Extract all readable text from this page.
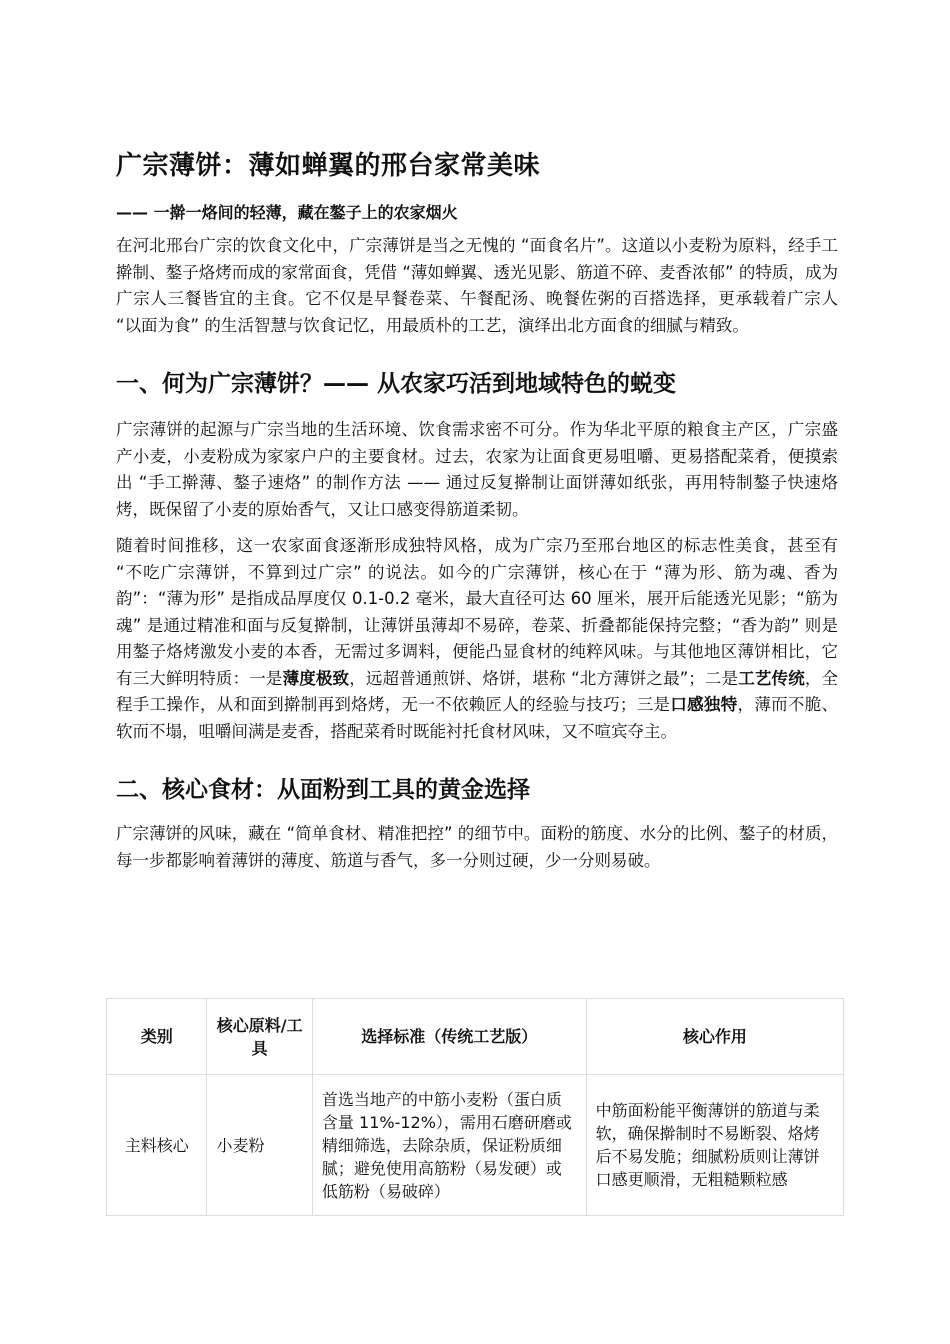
广宗薄饼：薄如蝉翼的邢台家常美味
—— 一擀一烙间的轻薄，藏在鏊子上的农家烟火

在河北邢台广宗的饮食文化中，广宗薄饼是当之无愧的 “面食名片”。这道以小麦粉为原料，经手工擀制、鏊子烙烤而成的家常面食，凭借 “薄如蝉翼、透光见影、筋道不碎、麦香浓郁” 的特质，成为广宗人三餐皆宜的主食。它不仅是早餐卷菜、午餐配汤、晚餐佐粥的百搭选择，更承载着广宗人 “以面为食” 的生活智慧与饮食记忆，用最质朴的工艺，演绎出北方面食的细腻与精致。

一、何为广宗薄饼？—— 从农家巧活到地域特色的蜕变

广宗薄饼的起源与广宗当地的生活环境、饮食需求密不可分。作为华北平原的粮食主产区，广宗盛产小麦，小麦粉成为家家户户的主要食材。过去，农家为让面食更易咀嚼、更易搭配菜肴，便摸索出 “手工擀薄、鏊子速烙” 的制作方法 —— 通过反复擀制让面饼薄如纸张，再用特制鏊子快速烙烤，既保留了小麦的原始香气，又让口感变得筋道柔韧。

随着时间推移，这一农家面食逐渐形成独特风格，成为广宗乃至邢台地区的标志性美食，甚至有 “不吃广宗薄饼，不算到过广宗” 的说法。如今的广宗薄饼，核心在于 “薄为形、筋为魂、香为韵”：“薄为形” 是指成品厚度仅 0.1-0.2 毫米，最大直径可达 60 厘米，展开后能透光见影；“筋为魂” 是通过精准和面与反复擀制，让薄饼虽薄却不易碎，卷菜、折叠都能保持完整；“香为韵” 则是用鏊子烙烤激发小麦的本香，无需过多调料，便能凸显食材的纯粹风味。与其他地区薄饼相比，它有三大鲜明特质：一是薄度极致，远超普通煎饼、烙饼，堪称 “北方薄饼之最”；二是工艺传统，全程手工操作，从和面到擀制再到烙烤，无一不依赖匠人的经验与技巧；三是口感独特，薄而不脆、软而不塌，咀嚼间满是麦香，搭配菜肴时既能衬托食材风味，又不喧宾夺主。

二、核心食材：从面粉到工具的黄金选择

广宗薄饼的风味，藏在 “简单食材、精准把控” 的细节中。面粉的筋度、水分的比例、鏊子的材质，每一步都影响着薄饼的薄度、筋道与香气，多一分则过硬，少一分则易破。

类别	核心原料/工具	选择标准（传统工艺版）	核心作用
主料核心	小麦粉	首选当地产的中筋小麦粉（蛋白质含量 11%-12%），需用石磨研磨或精细筛选，去除杂质，保证粉质细腻；避免使用高筋粉（易发硬）或低筋粉（易破碎）	中筋面粉能平衡薄饼的筋道与柔软，确保擀制时不易断裂、烙烤后不易发脆；细腻粉质则让薄饼口感更顺滑，无粗糙颗粒感
